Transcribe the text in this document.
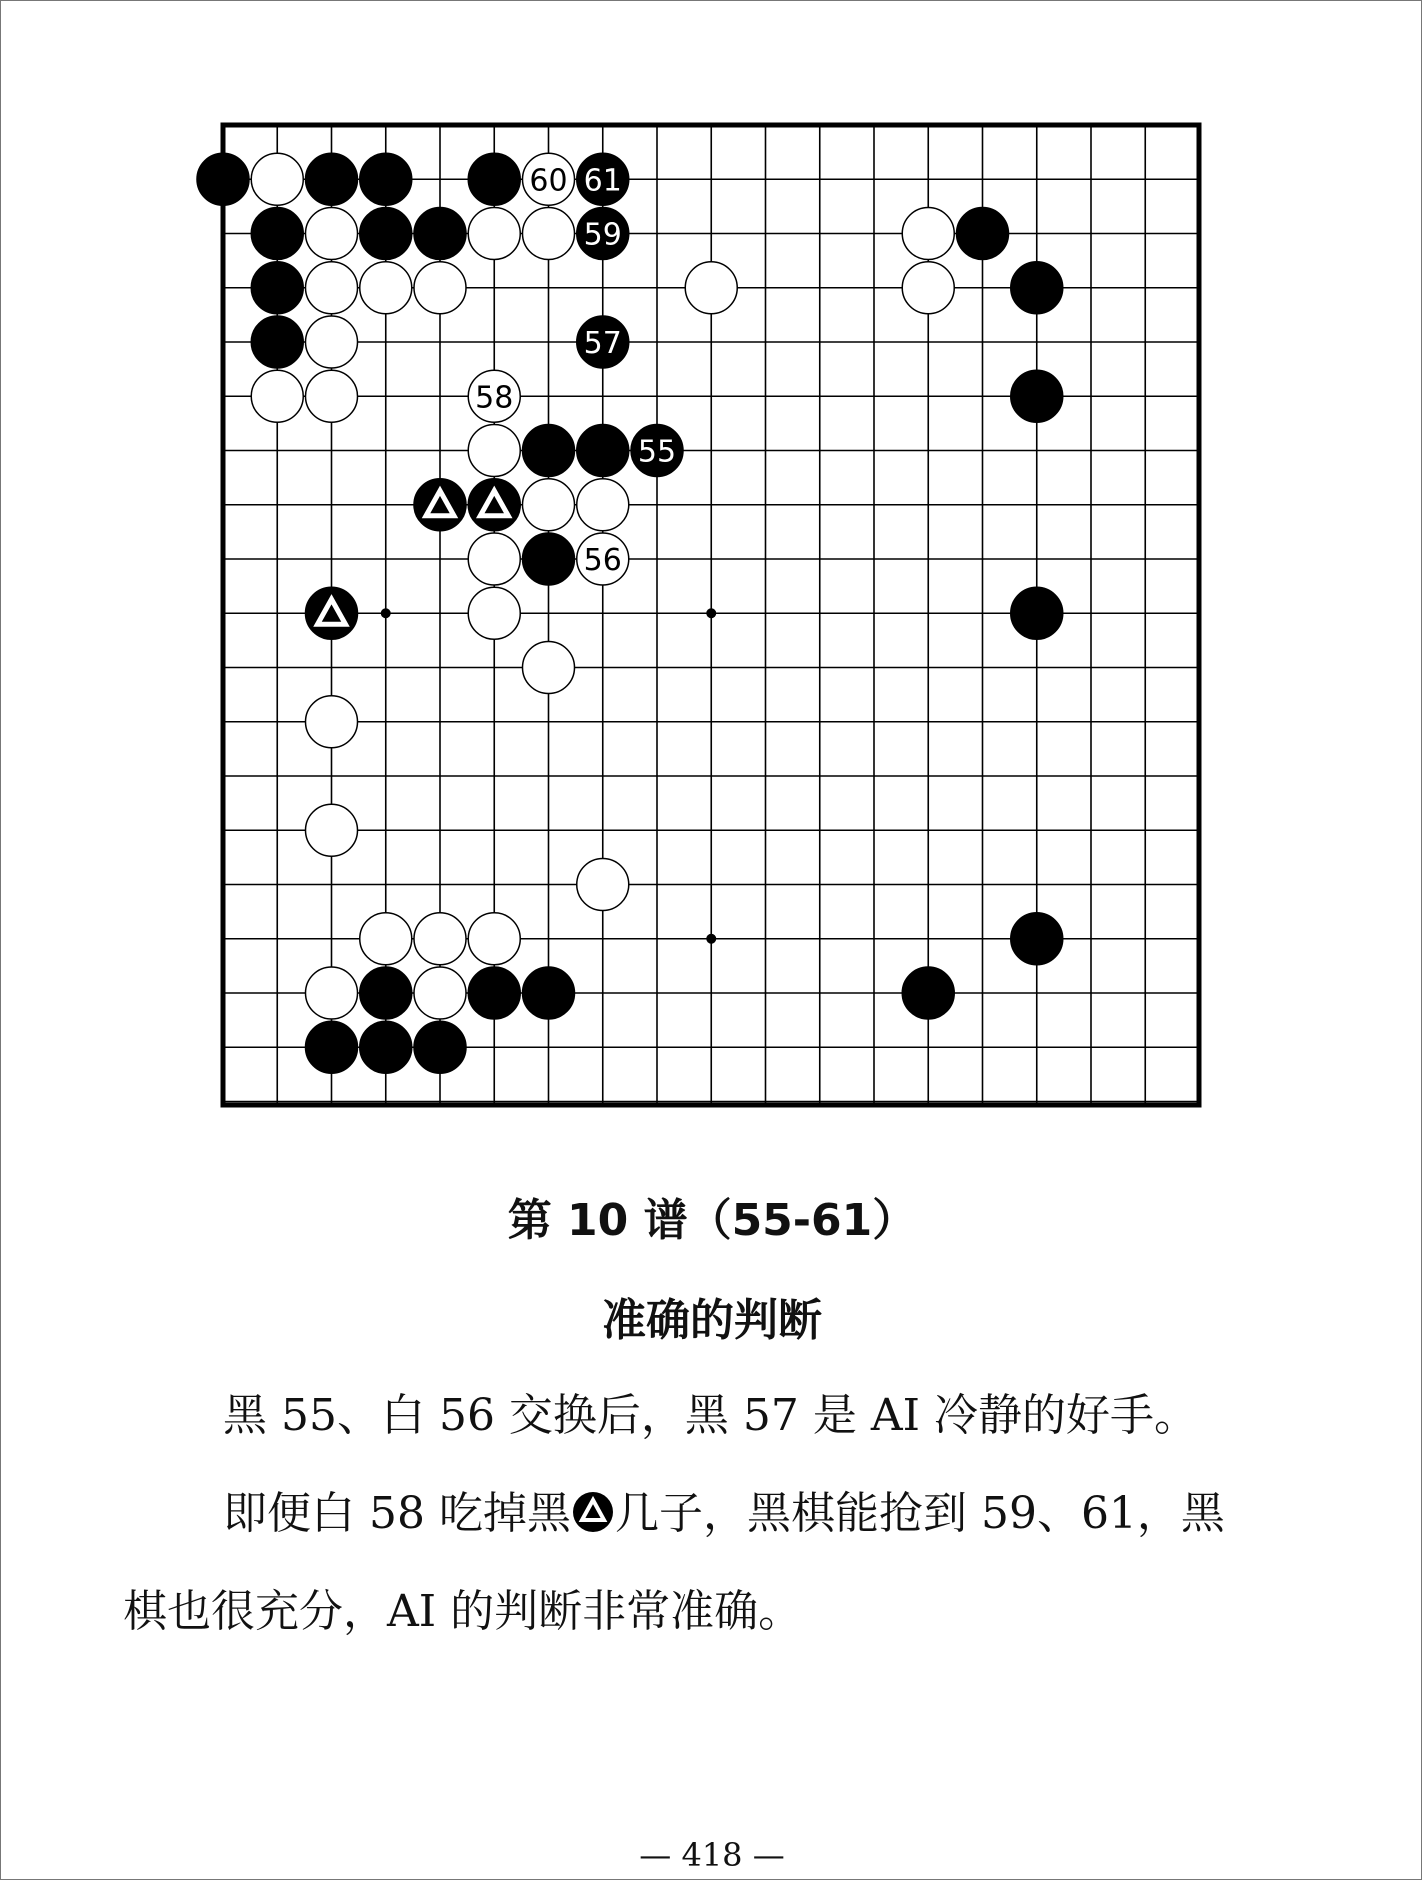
60 61
59
57
58
55
56
第 10 谱（55-61）
准确的判断
黑 55、白 56 交换后，黑 57 是 AI 冷静的好手。
即便白 58 吃掉黑 几子，黑棋能抢到 59、61，黑
棋也很充分，AI 的判断非常准确。
— 418 —
